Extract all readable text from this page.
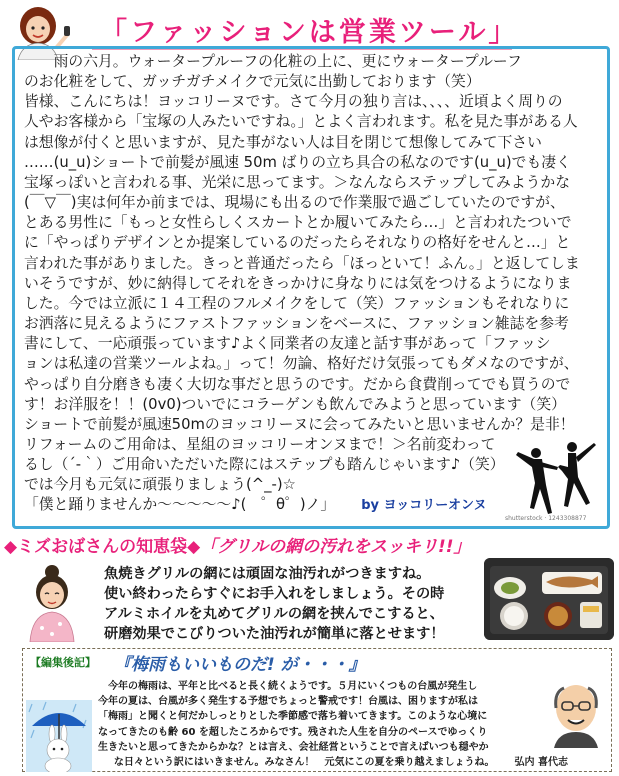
「ファッションは営業ツール」

　　雨の六月。ウォータープルーフの化粧の上に、更にウォータープルーフ

のお化粧をして、ガッチガチメイクで元気に出勤しております（笑）

皆様、こんにちは！ヨッコリーヌです。さて今月の独り言は、、、、近頃よく周りの

人やお客様から「宝塚の人みたいですね。」とよく言われます。私を見た事がある人

は想像が付くと思いますが、見た事がない人は目を閉じて想像してみて下さい

……(u_u)ショートで前髪が風速 50m ばりの立ち具合の私なのです(u_u)でも凄く

宝塚っぽいと言われる事、光栄に思ってます。＞なんならステップしてみようかな

(￣▽￣)実は何年か前までは、現場にも出るので作業服で過ごしていたのですが、

とある男性に「もっと女性らしくスカートとか履いてみたら…」と言われたついで

に「やっぱりデザインとか提案しているのだったらそれなりの格好をせんと…」と

言われた事がありました。きっと普通だったら「ほっといて！ふん。」と返してしま

いそうですが、妙に納得してそれをきっかけに身なりには気をつけるようになりま

した。今では立派に１４工程のフルメイクをして（笑）ファッションもそれなりに

お洒落に見えるようにファストファッションをベースに、ファッション雑誌を参考

書にして、一応頑張っています♪よく同業者の友達と話す事があって「ファッシ

ョンは私達の営業ツールよね。」って！勿論、格好だけ気張ってもダメなのですが、

やっぱり自分磨きも凄く大切な事だと思うのです。だから食費削ってでも買うので

す！お洋服を！！(0v0)ついでにコラーゲンも飲んでみようと思っています（笑）

ショートで前髪が風速50mのヨッコリーヌに会ってみたいと思いませんか？是非！

リフォームのご用命は、星組のヨッコリーオンヌまで！＞名前変わって

るし（´-｀）ご用命いただいた際にはステップも踏んじゃいます♪（笑）

では今月も元気に頑張りましょう(^_-)☆

「僕と踊りませんか～～～～～♪(　゜θ゜)ノ」 by ヨッコリーオンヌ

shutterstock · 1243308877
◆ミズおばさんの知恵袋◆「グリルの網の汚れをスッキリ!!」

魚焼きグリルの網には頑固な油汚れがつきますね。

使い終わったらすぐにお手入れをしましょう。その時

アルミホイルを丸めてグリルの網を挟んでこすると、

研磨効果でこびりついた油汚れが簡単に落とせます！

【編集後記】 『梅雨もいいものだ! が・・・』

　今年の梅雨は、平年と比べると長く続くようです。５月にいくつもの台風が発生し

今年の夏は、台風が多く発生する予想でちょっと警戒です！台風は、困りますが私は

「梅雨」と聞くと何だかしっとりとした季節感で落ち着いてきます。このような心境に

なってきたのも齢 60 を超したころからです。残された人生を自分のペースでゆっくり

生きたいと思ってきたからかな？とは言え、会社経営ということで言えばいつも穏やか

な日々という訳にはいきません。みなさん！　元気にこの夏を乗り越えましょうね。 弘内 喜代志
